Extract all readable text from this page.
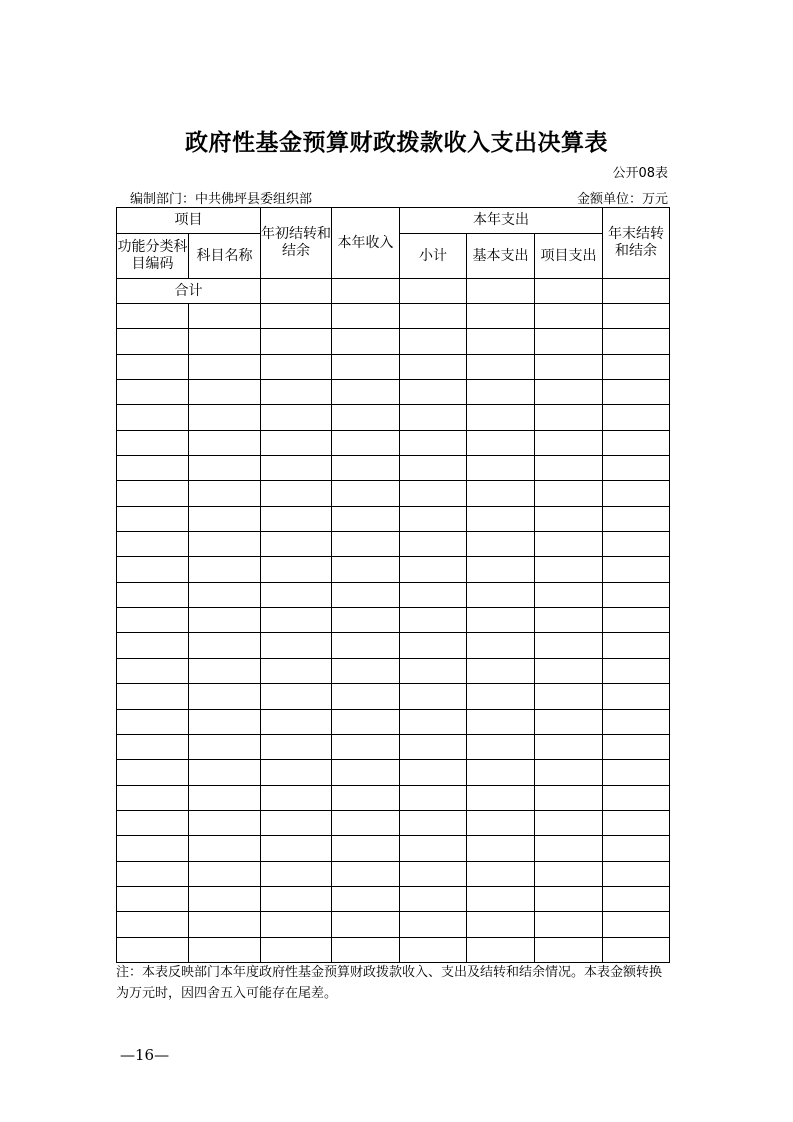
政府性基金预算财政拨款收入支出决算表
公开08表
编制部门：中共佛坪县委组织部	金额单位：万元
项目		年初结转和结余	本年收入	本年支出			年末结转和结余
功能分类科目编码	科目名称			小计	基本支出	项目支出	
合计							

注：本表反映部门本年度政府性基金预算财政拨款收入、支出及结转和结余情况。本表金额转换为万元时，因四舍五入可能存在尾差。
—16—
